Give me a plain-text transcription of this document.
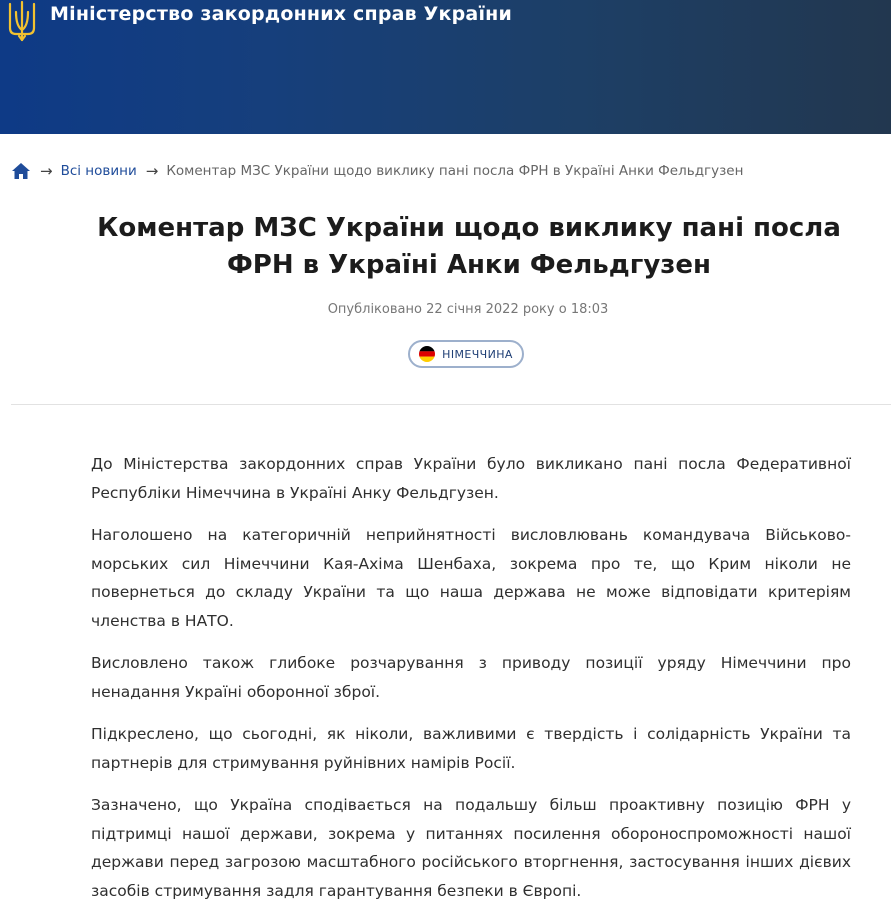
Міністерство закордонних справ України
→ Всі новини → Коментар МЗС України щодо виклику пані посла ФРН в Україні Анки Фельдгузен
Коментар МЗС України щодо виклику пані посла ФРН в Україні Анки Фельдгузен
Опубліковано 22 січня 2022 року о 18:03
НІМЕЧЧИНА

До Міністерства закордонних справ України було викликано пані посла Федеративної Республіки Німеччина в Україні Анку Фельдгузен.

Наголошено на категоричній неприйнятності висловлювань командувача Військово-морських сил Німеччини Кая-Ахіма Шенбаха, зокрема про те, що Крим ніколи не повернеться до складу України та що наша держава не може відповідати критеріям членства в НАТО.

Висловлено також глибоке розчарування з приводу позиції уряду Німеччини про ненадання Україні оборонної зброї.

Підкреслено, що сьогодні, як ніколи, важливими є твердість і солідарність України та партнерів для стримування руйнівних намірів Росії.

Зазначено, що Україна сподівається на подальшу більш проактивну позицію ФРН у підтримці нашої держави, зокрема у питаннях посилення обороноспроможності нашої держави перед загрозою масштабного російського вторгнення, застосування інших дієвих засобів стримування задля гарантування безпеки в Європі.
